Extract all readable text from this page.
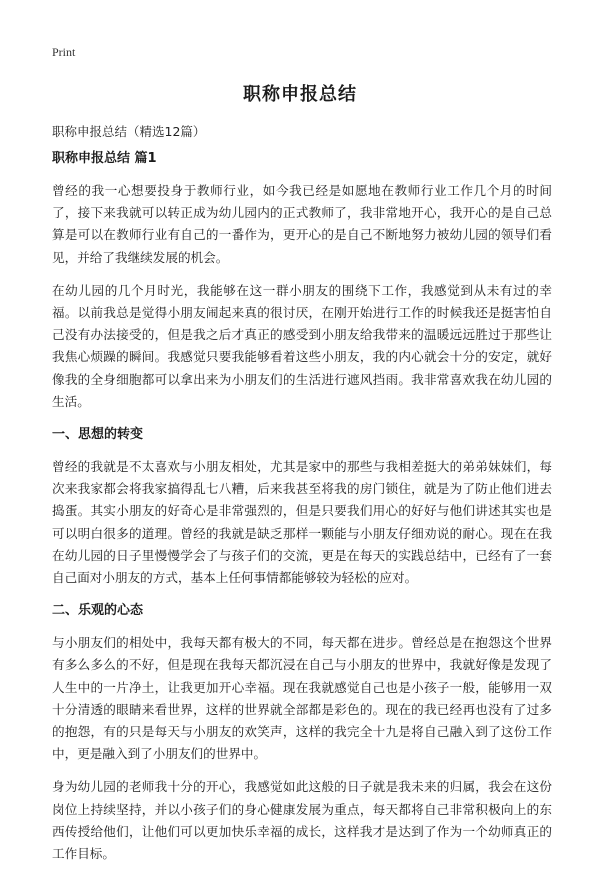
Print
职称申报总结
职称申报总结（精选12篇）
职称申报总结 篇1

曾经的我一心想要投身于教师行业，如今我已经是如愿地在教师行业工作几个月的时间了，接下来我就可以转正成为幼儿园内的正式教师了，我非常地开心，我开心的是自己总算是可以在教师行业有自己的一番作为，更开心的是自己不断地努力被幼儿园的领导们看见，并给了我继续发展的机会。

在幼儿园的几个月时光，我能够在这一群小朋友的围绕下工作，我感觉到从未有过的幸福。以前我总是觉得小朋友闹起来真的很讨厌，在刚开始进行工作的时候我还是挺害怕自己没有办法接受的，但是我之后才真正的感受到小朋友给我带来的温暖远远胜过于那些让我焦心烦躁的瞬间。我感觉只要我能够看着这些小朋友，我的内心就会十分的安定，就好像我的全身细胞都可以拿出来为小朋友们的生活进行遮风挡雨。我非常喜欢我在幼儿园的生活。

一、思想的转变

曾经的我就是不太喜欢与小朋友相处，尤其是家中的那些与我相差挺大的弟弟妹妹们，每次来我家都会将我家搞得乱七八糟，后来我甚至将我的房门锁住，就是为了防止他们进去捣蛋。其实小朋友的好奇心是非常强烈的，但是只要我们用心的好好与他们讲述其实也是可以明白很多的道理。曾经的我就是缺乏那样一颗能与小朋友仔细劝说的耐心。现在在我在幼儿园的日子里慢慢学会了与孩子们的交流，更是在每天的实践总结中，已经有了一套自己面对小朋友的方式，基本上任何事情都能够较为轻松的应对。

二、乐观的心态

与小朋友们的相处中，我每天都有极大的不同，每天都在进步。曾经总是在抱怨这个世界有多么多么的不好，但是现在我每天都沉浸在自己与小朋友的世界中，我就好像是发现了人生中的一片净土，让我更加开心幸福。现在我就感觉自己也是小孩子一般，能够用一双十分清透的眼睛来看世界，这样的世界就全部都是彩色的。现在的我已经再也没有了过多的抱怨，有的只是每天与小朋友的欢笑声，这样的我完全十九是将自己融入到了这份工作中，更是融入到了小朋友们的世界中。

身为幼儿园的老师我十分的开心，我感觉如此这般的日子就是我未来的归属，我会在这份岗位上持续坚持，并以小孩子们的身心健康发展为重点，每天都将自己非常积极向上的东西传授给他们，让他们可以更加快乐幸福的成长，这样我才是达到了作为一个幼师真正的工作目标。
